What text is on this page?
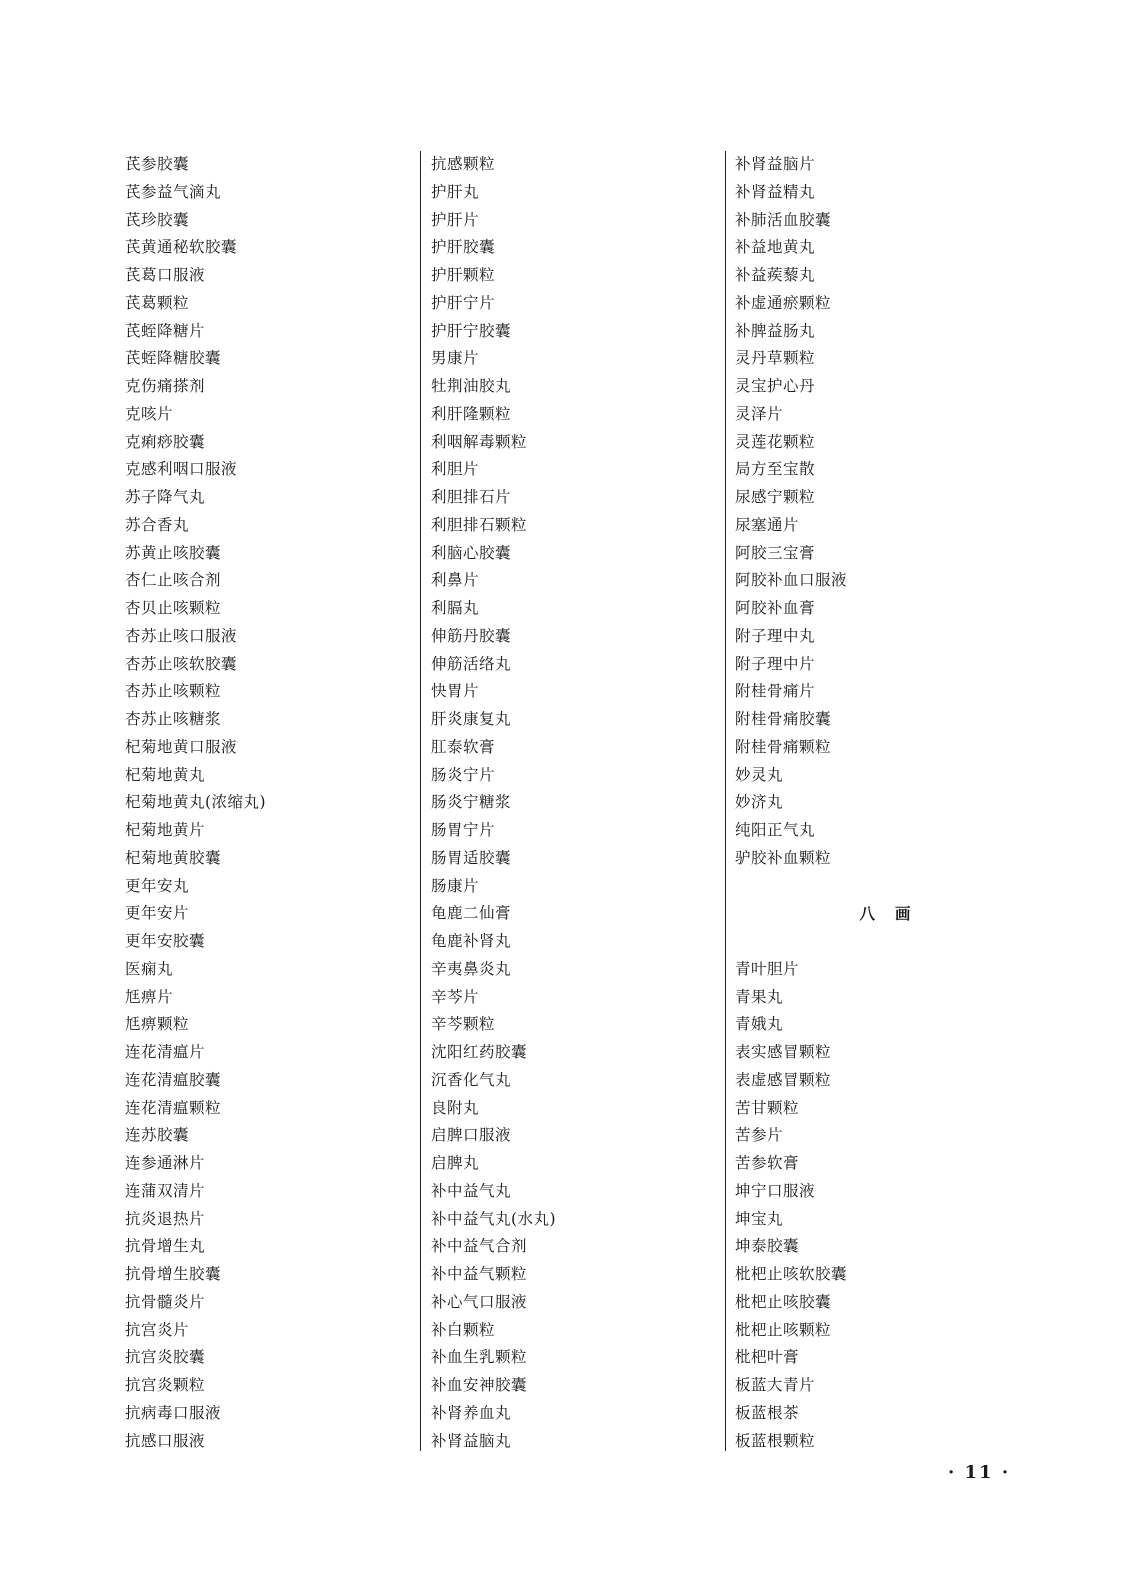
芪参胶囊
芪参益气滴丸
芪珍胶囊
芪黄通秘软胶囊
芪葛口服液
芪葛颗粒
芪蛭降糖片
芪蛭降糖胶囊
克伤痛搽剂
克咳片
克痢痧胶囊
克感利咽口服液
苏子降气丸
苏合香丸
苏黄止咳胶囊
杏仁止咳合剂
杏贝止咳颗粒
杏苏止咳口服液
杏苏止咳软胶囊
杏苏止咳颗粒
杏苏止咳糖浆
杞菊地黄口服液
杞菊地黄丸
杞菊地黄丸(浓缩丸)
杞菊地黄片
杞菊地黄胶囊
更年安丸
更年安片
更年安胶囊
医痫丸
尪痹片
尪痹颗粒
连花清瘟片
连花清瘟胶囊
连花清瘟颗粒
连苏胶囊
连参通淋片
连蒲双清片
抗炎退热片
抗骨增生丸
抗骨增生胶囊
抗骨髓炎片
抗宫炎片
抗宫炎胶囊
抗宫炎颗粒
抗病毒口服液
抗感口服液
抗感颗粒
护肝丸
护肝片
护肝胶囊
护肝颗粒
护肝宁片
护肝宁胶囊
男康片
牡荆油胶丸
利肝隆颗粒
利咽解毒颗粒
利胆片
利胆排石片
利胆排石颗粒
利脑心胶囊
利鼻片
利膈丸
伸筋丹胶囊
伸筋活络丸
快胃片
肝炎康复丸
肛泰软膏
肠炎宁片
肠炎宁糖浆
肠胃宁片
肠胃适胶囊
肠康片
龟鹿二仙膏
龟鹿补肾丸
辛夷鼻炎丸
辛芩片
辛芩颗粒
沈阳红药胶囊
沉香化气丸
良附丸
启脾口服液
启脾丸
补中益气丸
补中益气丸(水丸)
补中益气合剂
补中益气颗粒
补心气口服液
补白颗粒
补血生乳颗粒
补血安神胶囊
补肾养血丸
补肾益脑丸
补肾益脑片
补肾益精丸
补肺活血胶囊
补益地黄丸
补益蒺藜丸
补虚通瘀颗粒
补脾益肠丸
灵丹草颗粒
灵宝护心丹
灵泽片
灵莲花颗粒
局方至宝散
尿感宁颗粒
尿塞通片
阿胶三宝膏
阿胶补血口服液
阿胶补血膏
附子理中丸
附子理中片
附桂骨痛片
附桂骨痛胶囊
附桂骨痛颗粒
妙灵丸
妙济丸
纯阳正气丸
驴胶补血颗粒
八画
青叶胆片
青果丸
青娥丸
表实感冒颗粒
表虚感冒颗粒
苦甘颗粒
苦参片
苦参软膏
坤宁口服液
坤宝丸
坤泰胶囊
枇杷止咳软胶囊
枇杷止咳胶囊
枇杷止咳颗粒
枇杷叶膏
板蓝大青片
板蓝根茶
板蓝根颗粒
· 11 ·
